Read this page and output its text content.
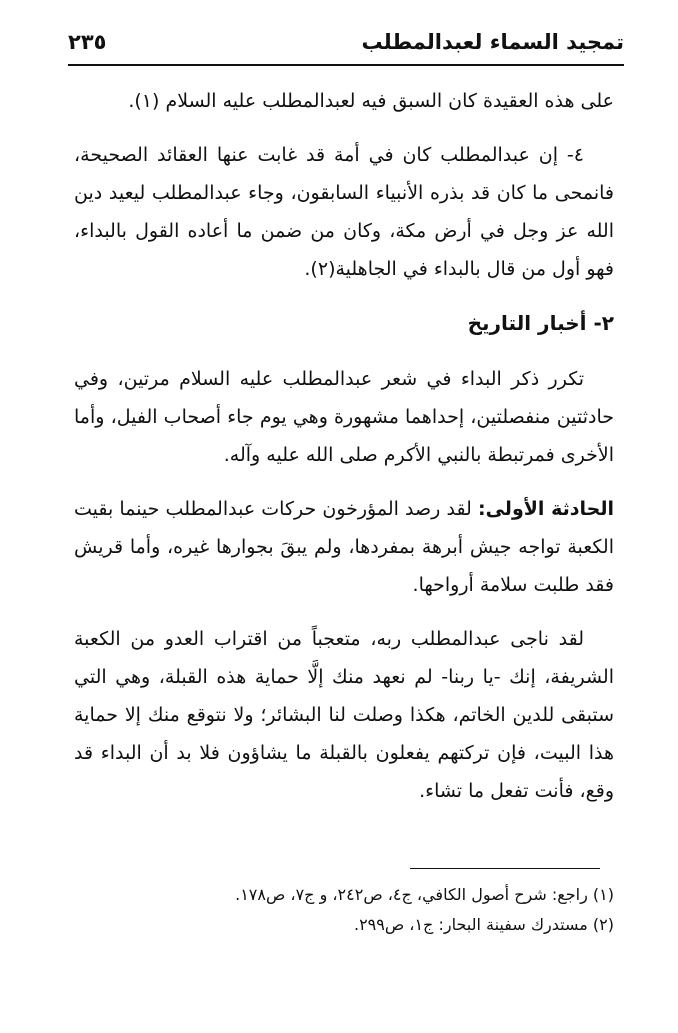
تمجيد السماء لعبدالمطلب
٢٣٥

على هذه العقيدة كان السبق فيه لعبدالمطلب عليه السلام (١).

٤- إن عبدالمطلب كان في أمة قد غابت عنها العقائد الصحيحة، فانمحى ما كان قد بذره الأنبياء السابقون، وجاء عبدالمطلب ليعيد دين الله عز وجل في أرض مكة، وكان من ضمن ما أعاده القول بالبداء، فهو أول من قال بالبداء في الجاهلية(٢).

٢- أخبار التاريخ

تكرر ذكر البداء في شعر عبدالمطلب عليه السلام مرتين، وفي حادثتين منفصلتين، إحداهما مشهورة وهي يوم جاء أصحاب الفيل، وأما الأخرى فمرتبطة بالنبي الأكرم صلى الله عليه وآله.

الحادثة الأولى: لقد رصد المؤرخون حركات عبدالمطلب حينما بقيت الكعبة تواجه جيش أبرهة بمفردها، ولم يبقَ بجوارها غيره، وأما قريش فقد طلبت سلامة أرواحها.

لقد ناجى عبدالمطلب ربه، متعجباً من اقتراب العدو من الكعبة الشريفة، إنك -يا ربنا- لم نعهد منك إلَّا حماية هذه القبلة، وهي التي ستبقى للدين الخاتم، هكذا وصلت لنا البشائر؛ ولا نتوقع منك إلا حماية هذا البيت، فإن تركتهم يفعلون بالقبلة ما يشاؤون فلا بد أن البداء قد وقع، فأنت تفعل ما تشاء.

(١) راجع: شرح أصول الكافي، ج٤، ص٢٤٢، و ج٧، ص١٧٨.

(٢) مستدرك سفينة البحار: ج١، ص٢٩٩.
